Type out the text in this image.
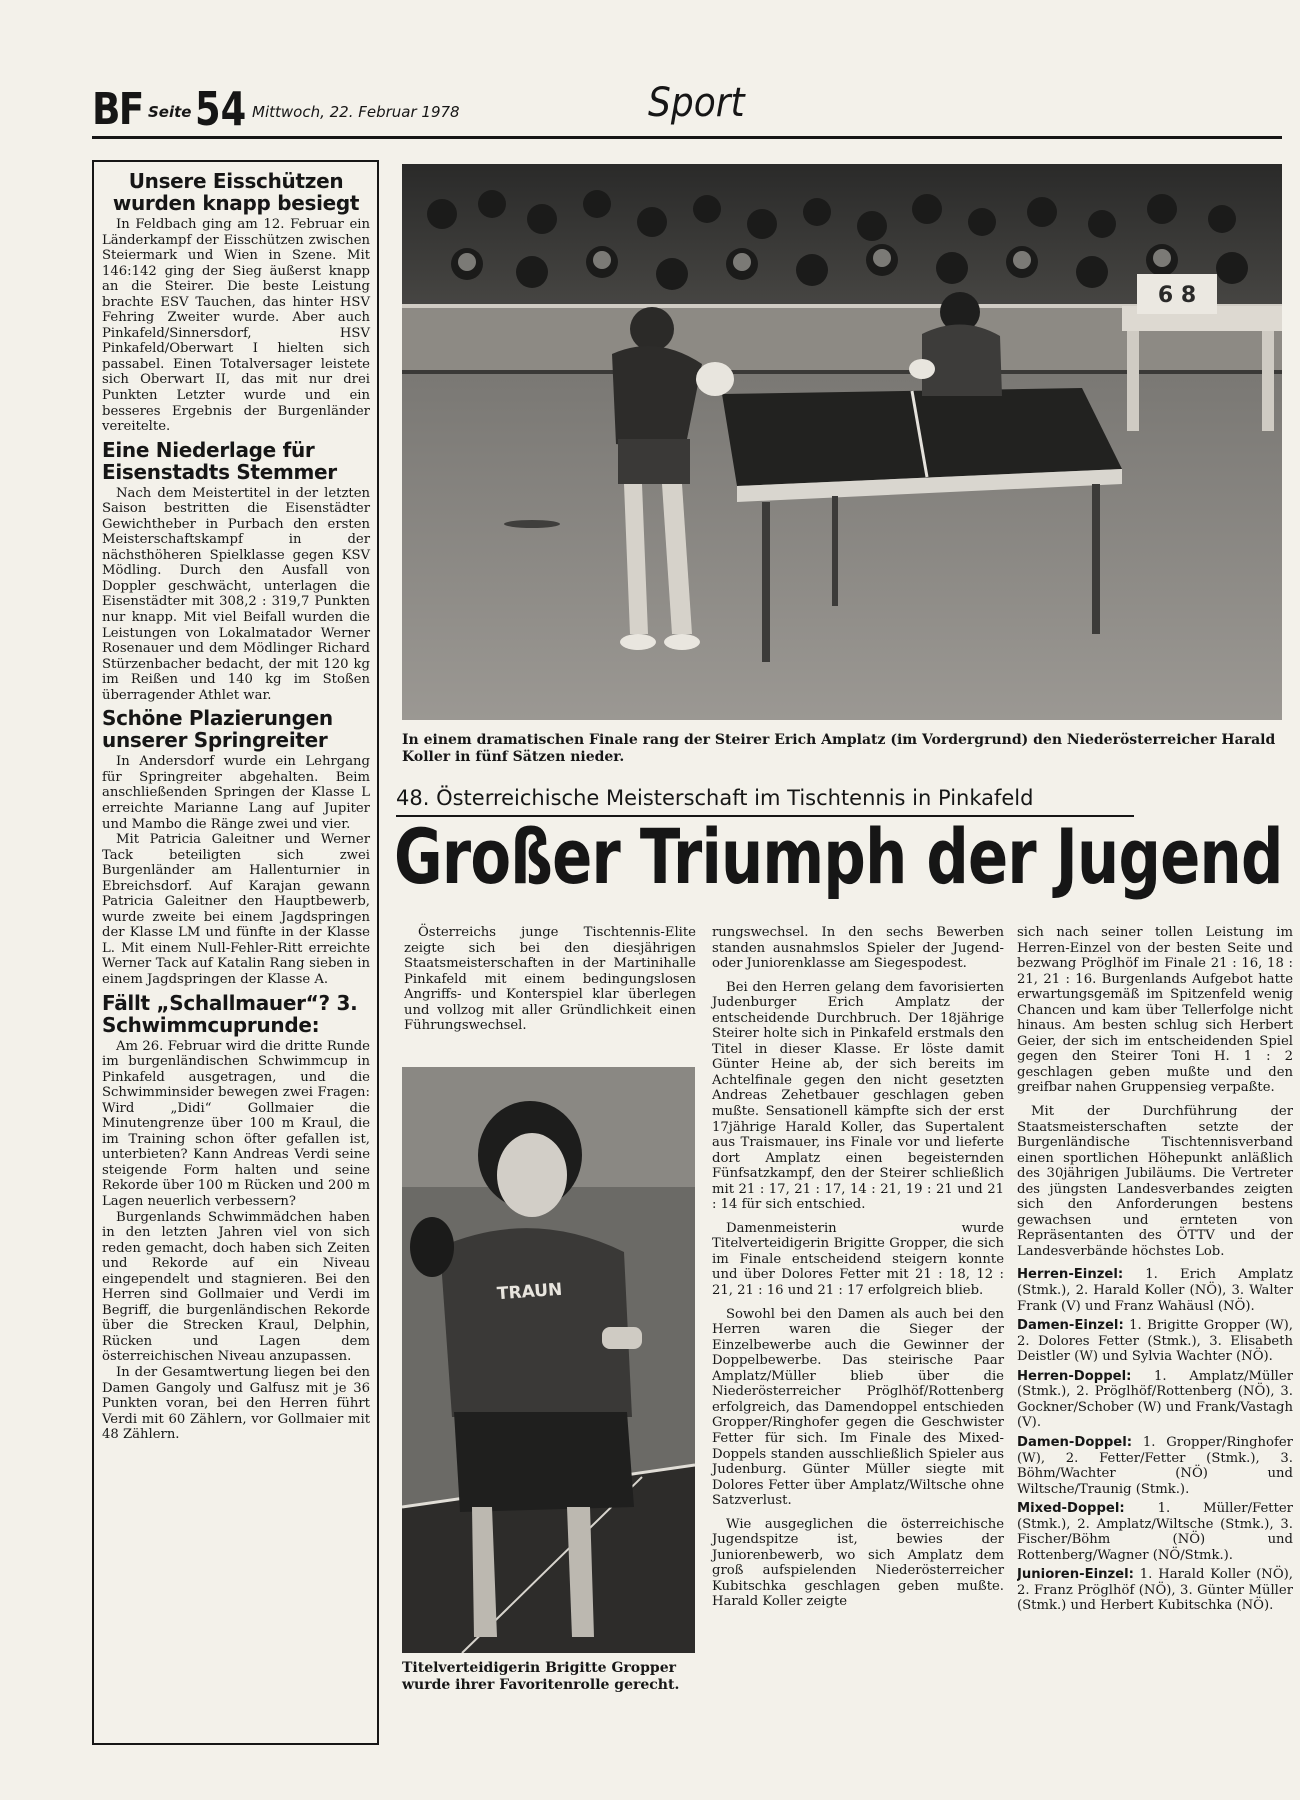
BF Seite 54 Mittwoch, 22. Februar 1978	Sport
Unsere Eisschützen wurden knapp besiegt

In Feldbach ging am 12. Februar ein Länderkampf der Eisschützen zwischen Steiermark und Wien in Szene. Mit 146:142 ging der Sieg äußerst knapp an die Steirer. Die beste Leistung brachte ESV Tauchen, das hinter HSV Fehring Zweiter wurde. Aber auch Pinkafeld/Sinnersdorf, HSV Pinkafeld/Oberwart I hielten sich passabel. Einen Totalversager leistete sich Oberwart II, das mit nur drei Punkten Letzter wurde und ein besseres Ergebnis der Burgenländer vereitelte.

Eine Niederlage für Eisenstadts Stemmer

Nach dem Meistertitel in der letzten Saison bestritten die Eisenstädter Gewichtheber in Purbach den ersten Meisterschaftskampf in der nächsthöheren Spielklasse gegen KSV Mödling. Durch den Ausfall von Doppler geschwächt, unterlagen die Eisenstädter mit 308,2 : 319,7 Punkten nur knapp. Mit viel Beifall wurden die Leistungen von Lokalmatador Werner Rosenauer und dem Mödlinger Richard Stürzenbacher bedacht, der mit 120 kg im Reißen und 140 kg im Stoßen überragender Athlet war.

Schöne Plazierungen unserer Springreiter

In Andersdorf wurde ein Lehrgang für Springreiter abgehalten. Beim anschließenden Springen der Klasse L erreichte Marianne Lang auf Jupiter und Mambo die Ränge zwei und vier.

Mit Patricia Galeitner und Werner Tack beteiligten sich zwei Burgenländer am Hallenturnier in Ebreichsdorf. Auf Karajan gewann Patricia Galeitner den Hauptbewerb, wurde zweite bei einem Jagdspringen der Klasse LM und fünfte in der Klasse L. Mit einem Null-Fehler-Ritt erreichte Werner Tack auf Katalin Rang sieben in einem Jagdspringen der Klasse A.

Fällt „Schallmauer“? 3. Schwimmcuprunde:

Am 26. Februar wird die dritte Runde im burgenländischen Schwimmcup in Pinkafeld ausgetragen, und die Schwimminsider bewegen zwei Fragen: Wird „Didi“ Gollmaier die Minutengrenze über 100 m Kraul, die im Training schon öfter gefallen ist, unterbieten? Kann Andreas Verdi seine steigende Form halten und seine Rekorde über 100 m Rücken und 200 m Lagen neuerlich verbessern?

Burgenlands Schwimmädchen haben in den letzten Jahren viel von sich reden gemacht, doch haben sich Zeiten und Rekorde auf ein Niveau eingependelt und stagnieren. Bei den Herren sind Gollmaier und Verdi im Begriff, die burgenländischen Rekorde über die Strecken Kraul, Delphin, Rücken und Lagen dem österreichischen Niveau anzupassen.

In der Gesamtwertung liegen bei den Damen Gangoly und Galfusz mit je 36 Punkten voran, bei den Herren führt Verdi mit 60 Zählern, vor Gollmaier mit 48 Zählern.

6 8
In einem dramatischen Finale rang der Steirer Erich Amplatz (im Vordergrund) den Niederösterreicher Harald Koller in fünf Sätzen nieder.
48. Österreichische Meisterschaft im Tischtennis in Pinkafeld
Großer Triumph der Jugend

Österreichs junge Tischtennis-Elite zeigte sich bei den diesjährigen Staatsmeisterschaften in der Martinihalle Pinkafeld mit einem bedingungslosen Angriffs- und Konterspiel klar überlegen und vollzog mit aller Gründlichkeit einen Führungswechsel.

TRAUN
Titelverteidigerin Brigitte Gropper wurde ihrer Favoritenrolle gerecht.

rungswechsel. In den sechs Bewerben standen ausnahmslos Spieler der Jugend- oder Juniorenklasse am Siegespodest.

Bei den Herren gelang dem favorisierten Judenburger Erich Amplatz der entscheidende Durchbruch. Der 18jährige Steirer holte sich in Pinkafeld erstmals den Titel in dieser Klasse. Er löste damit Günter Heine ab, der sich bereits im Achtelfinale gegen den nicht gesetzten Andreas Zehetbauer geschlagen geben mußte. Sensationell kämpfte sich der erst 17jährige Harald Koller, das Supertalent aus Traismauer, ins Finale vor und lieferte dort Amplatz einen begeisternden Fünfsatzkampf, den der Steirer schließlich mit 21 : 17, 21 : 17, 14 : 21, 19 : 21 und 21 : 14 für sich entschied.

Damenmeisterin wurde Titelverteidigerin Brigitte Gropper, die sich im Finale entscheidend steigern konnte und über Dolores Fetter mit 21 : 18, 12 : 21, 21 : 16 und 21 : 17 erfolgreich blieb.

Sowohl bei den Damen als auch bei den Herren waren die Sieger der Einzelbewerbe auch die Gewinner der Doppelbewerbe. Das steirische Paar Amplatz/Müller blieb über die Niederösterreicher Pröglhöf/Rottenberg erfolgreich, das Damendoppel entschieden Gropper/Ringhofer gegen die Geschwister Fetter für sich. Im Finale des Mixed-Doppels standen ausschließlich Spieler aus Judenburg. Günter Müller siegte mit Dolores Fetter über Amplatz/Wiltsche ohne Satzverlust.

Wie ausgeglichen die österreichische Jugendspitze ist, bewies der Juniorenbewerb, wo sich Amplatz dem groß aufspielenden Niederösterreicher Kubitschka geschlagen geben mußte. Harald Koller zeigte

sich nach seiner tollen Leistung im Herren-Einzel von der besten Seite und bezwang Pröglhöf im Finale 21 : 16, 18 : 21, 21 : 16. Burgenlands Aufgebot hatte erwartungsgemäß im Spitzenfeld wenig Chancen und kam über Tellerfolge nicht hinaus. Am besten schlug sich Herbert Geier, der sich im entscheidenden Spiel gegen den Steirer Toni H. 1 : 2 geschlagen geben mußte und den greifbar nahen Gruppensieg verpaßte.

Mit der Durchführung der Staatsmeisterschaften setzte der Burgenländische Tischtennisverband einen sportlichen Höhepunkt anläßlich des 30jährigen Jubiläums. Die Vertreter des jüngsten Landesverbandes zeigten sich den Anforderungen bestens gewachsen und ernteten von Repräsentanten des ÖTTV und der Landesverbände höchstes Lob.

Herren-Einzel: 1. Erich Amplatz (Stmk.), 2. Harald Koller (NÖ), 3. Walter Frank (V) und Franz Wahäusl (NÖ).

Damen-Einzel: 1. Brigitte Gropper (W), 2. Dolores Fetter (Stmk.), 3. Elisabeth Deistler (W) und Sylvia Wachter (NÖ).

Herren-Doppel: 1. Amplatz/Müller (Stmk.), 2. Pröglhöf/Rottenberg (NÖ), 3. Gockner/Schober (W) und Frank/Vastagh (V).

Damen-Doppel: 1. Gropper/Ringhofer (W), 2. Fetter/Fetter (Stmk.), 3. Böhm/Wachter (NÖ) und Wiltsche/Traunig (Stmk.).

Mixed-Doppel: 1. Müller/Fetter (Stmk.), 2. Amplatz/Wiltsche (Stmk.), 3. Fischer/Böhm (NÖ) und Rottenberg/Wagner (NÖ/Stmk.).

Junioren-Einzel: 1. Harald Koller (NÖ), 2. Franz Pröglhöf (NÖ), 3. Günter Müller (Stmk.) und Herbert Kubitschka (NÖ).
